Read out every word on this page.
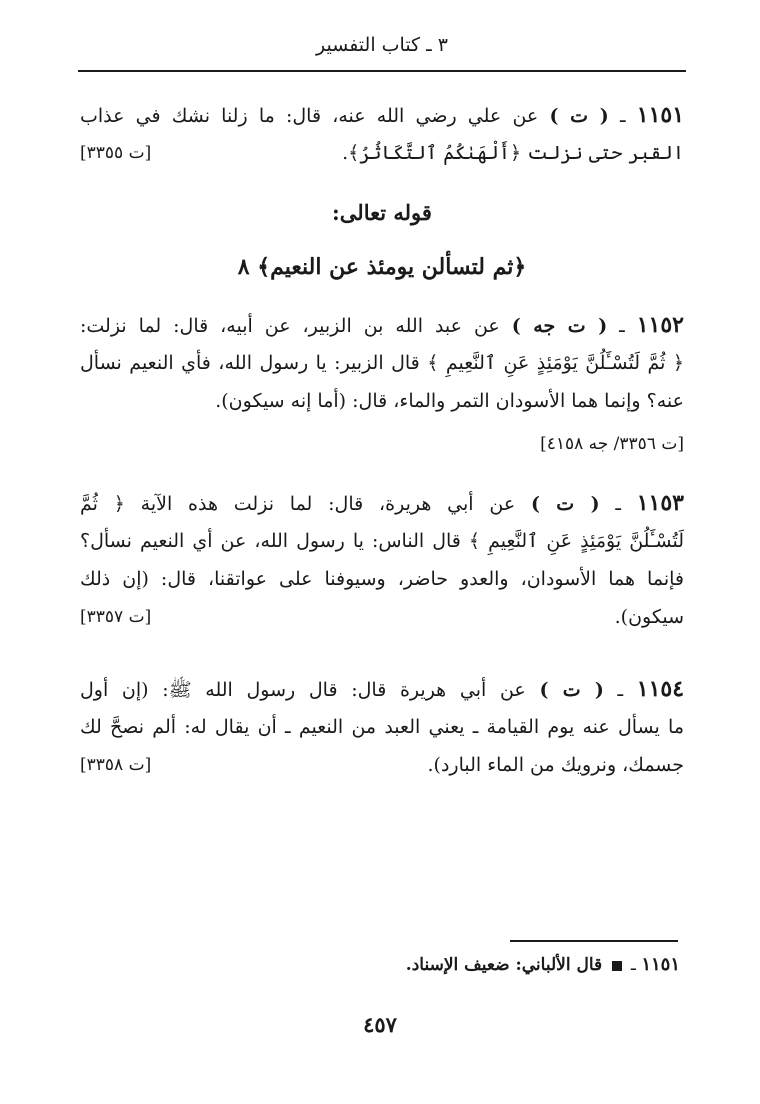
٣ ـ كتاب التفسير
١١٥١ ـ ( ت ) عن علي رضي الله عنه، قال: ما زلنا نشك في عذاب
القبر حتى نزلت ﴿أَلْهَىٰكُمُ ٱلتَّكَاثُرُ﴾.
[ت ٣٣٥٥]
قوله تعالى:
﴿ثم لتسألن يومئذ عن النعيم﴾ ٨
١١٥٢ ـ ( ت جه ) عن عبد الله بن الزبير، عن أبيه، قال: لما نزلت:
﴿ ثُمَّ لَتُسْـَٔلُنَّ يَوْمَئِذٍ عَنِ ٱلنَّعِيمِ ﴾ قال الزبير: يا رسول الله، فأي النعيم نسأل
عنه؟ وإنما هما الأسودان التمر والماء، قال: (أما إنه سيكون).
[ت ٣٣٥٦/ جه ٤١٥٨]
١١٥٣ ـ ( ت ) عن أبي هريرة، قال: لما نزلت هذه الآية ﴿ ثُمَّ
لَتُسْـَٔلُنَّ يَوْمَئِذٍ عَنِ ٱلنَّعِيمِ ﴾ قال الناس: يا رسول الله، عن أي النعيم نسأل؟
فإنما هما الأسودان، والعدو حاضر، وسيوفنا على عواتقنا، قال: (إن ذلك
سيكون).
[ت ٣٣٥٧]
١١٥٤ ـ ( ت ) عن أبي هريرة قال: قال رسول الله ﷺ: (إن أول
ما يسأل عنه يوم القيامة ـ يعني العبد من النعيم ـ أن يقال له: ألم نصحَّ لك
جسمك، ونرويك من الماء البارد).
[ت ٣٣٥٨]
١١٥١ ـ  قال الألباني: ضعيف الإسناد.
٤٥٧
